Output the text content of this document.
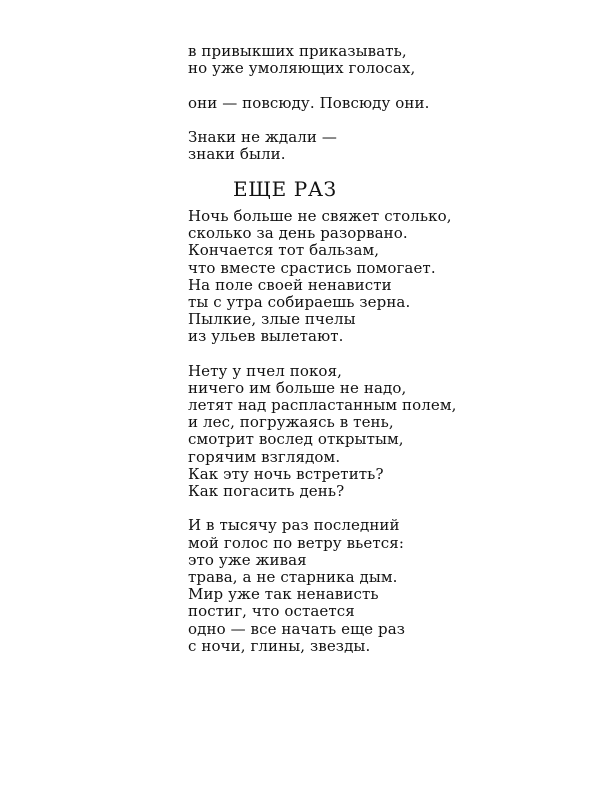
в привыкших приказывать,
но уже умоляющих голосах,
они — повсюду. Повсюду они.
Знаки не ждали —
знаки были.
ЕЩЕ РАЗ
Ночь больше не свяжет столько,
сколько за день разорвано.
Кончается тот бальзам,
что вместе срастись помогает.
На поле своей ненависти
ты с утра собираешь зерна.
Пылкие, злые пчелы
из ульев вылетают.
Нету у пчел покоя,
ничего им больше не надо,
летят над распластанным полем,
и лес, погружаясь в тень,
смотрит вослед открытым,
горячим взглядом.
Как эту ночь встретить?
Как погасить день?
И в тысячу раз последний
мой голос по ветру вьется:
это уже живая
трава, а не старника дым.
Мир уже так ненависть
постиг, что остается
одно — все начать еще раз
с ночи, глины, звезды.
